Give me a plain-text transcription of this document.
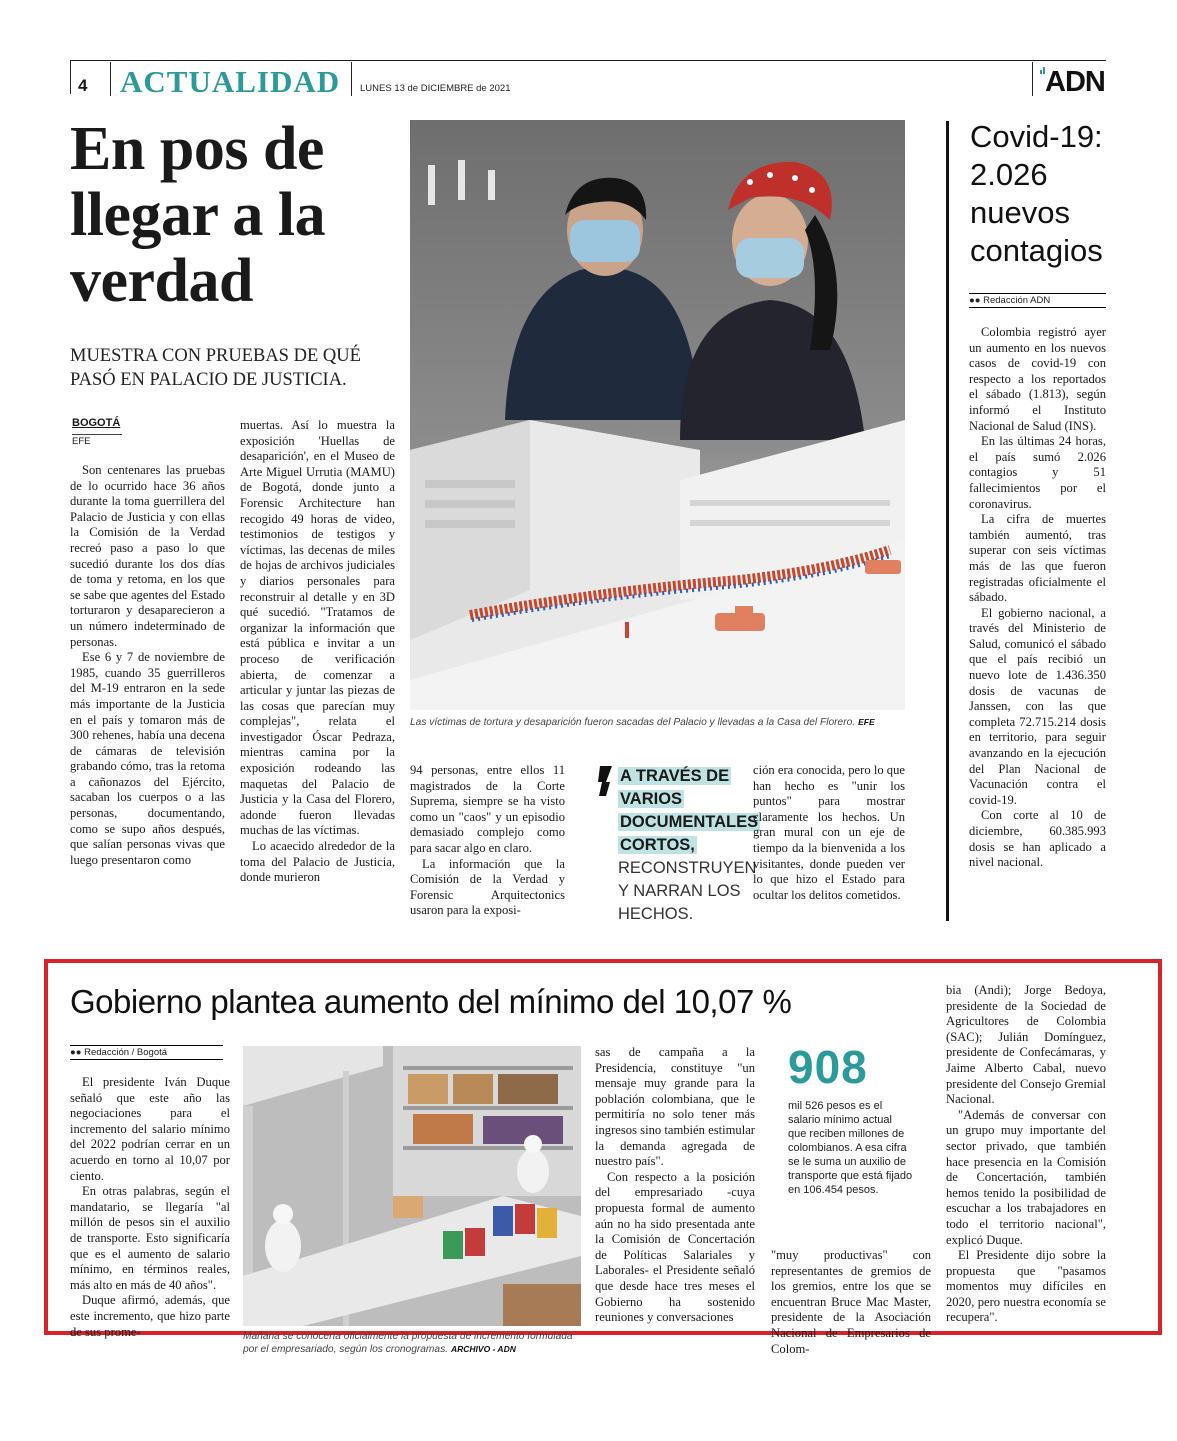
4 ACTUALIDAD LUNES 13 de DICIEMBRE de 2021	ADN
En pos de llegar a la verdad
MUESTRA CON PRUEBAS DE QUÉ PASÓ EN PALACIO DE JUSTICIA.
BOGOTÁ
EFE

Son centenares las pruebas de lo ocurrido hace 36 años durante la toma guerrillera del Palacio de Justicia y con ellas la Comisión de la Verdad recreó paso a paso lo que sucedió durante los dos días de toma y retoma, en los que se sabe que agentes del Estado torturaron y desaparecieron a un número indeterminado de personas.

Ese 6 y 7 de noviembre de 1985, cuando 35 guerrilleros del M-19 entraron en la sede más importante de la Justicia en el país y tomaron más de 300 rehenes, había una decena de cámaras de televisión grabando cómo, tras la retoma a cañonazos del Ejército, sacaban los cuerpos o a las personas, documentando, como se supo años después, que salían personas vivas que luego presentaron como

muertas. Así lo muestra la exposición 'Huellas de desaparición', en el Museo de Arte Miguel Urrutia (MAMU) de Bogotá, donde junto a Forensic Architecture han recogido 49 horas de video, testimonios de testigos y víctimas, las decenas de miles de hojas de archivos judiciales y diarios personales para reconstruir al detalle y en 3D qué sucedió. "Tratamos de organizar la información que está pública e invitar a un proceso de verificación abierta, de comenzar a articular y juntar las piezas de las cosas que parecían muy complejas", relata el investigador Óscar Pedraza, mientras camina por la exposición rodeando las maquetas del Palacio de Justicia y la Casa del Florero, adonde fueron llevadas muchas de las víctimas.

Lo acaecido alrededor de la toma del Palacio de Justicia, donde murieron

Las víctimas de tortura y desaparición fueron sacadas del Palacio y llevadas a la Casa del Florero. EFE

94 personas, entre ellos 11 magistrados de la Corte Suprema, siempre se ha visto como un "caos" y un episodio demasiado complejo como para sacar algo en claro.

La información que la Comisión de la Verdad y Forensic Arquitectonics usaron para la exposi-

A TRAVÉS DE VARIOS DOCUMENTALES CORTOS, RECONSTRUYEN Y NARRAN LOS HECHOS.

ción era conocida, pero lo que han hecho es "unir los puntos" para mostrar claramente los hechos. Un gran mural con un eje de tiempo da la bienvenida a los visitantes, donde pueden ver lo que hizo el Estado para ocultar los delitos cometidos.

Covid-19: 2.026 nuevos contagios
●● Redacción ADN

Colombia registró ayer un aumento en los nuevos casos de covid-19 con respecto a los reportados el sábado (1.813), según informó el Instituto Nacional de Salud (INS).

En las últimas 24 horas, el país sumó 2.026 contagios y 51 fallecimientos por el coronavirus.

La cifra de muertes también aumentó, tras superar con seis víctimas más de las que fueron registradas oficialmente el sábado.

El gobierno nacional, a través del Ministerio de Salud, comunicó el sábado que el país recibió un nuevo lote de 1.436.350 dosis de vacunas de Janssen, con las que completa 72.715.214 dosis en territorio, para seguir avanzando en la ejecución del Plan Nacional de Vacunación contra el covid-19.

Con corte al 10 de diciembre, 60.385.993 dosis se han aplicado a nivel nacional.

Gobierno plantea aumento del mínimo del 10,07 %
●● Redacción / Bogotá

El presidente Iván Duque señaló que este año las negociaciones para el incremento del salario mínimo del 2022 podrían cerrar en un acuerdo en torno al 10,07 por ciento.

En otras palabras, según el mandatario, se llegaría "al millón de pesos sin el auxilio de transporte. Esto significaría que es el aumento de salario mínimo, en términos reales, más alto en más de 40 años".

Duque afirmó, además, que este incremento, que hizo parte de sus prome-	Mañana se conocería oficialmente la propuesta de incremento formulada por el empresariado, según los cronogramas. ARCHIVO - ADN

sas de campaña a la Presidencia, constituye "un mensaje muy grande para la población colombiana, que le permitiría no solo tener más ingresos sino también estimular la demanda agregada de nuestro país".

Con respecto a la posición del empresariado -cuya propuesta formal de aumento aún no ha sido presentada ante la Comisión de Concertación de Políticas Salariales y Laborales- el Presidente señaló que desde hace tres meses el Gobierno ha sostenido reuniones y conversaciones

908
mil 526 pesos es el salario mínimo actual que reciben millones de colombianos. A esa cifra se le suma un auxilio de transporte que está fijado en 106.454 pesos.

"muy productivas" con representantes de gremios de los gremios, entre los que se encuentran Bruce Mac Master, presidente de la Asociación Nacional de Empresarios de Colom-

bia (Andi); Jorge Bedoya, presidente de la Sociedad de Agricultores de Colombia (SAC); Julián Domínguez, presidente de Confecámaras, y Jaime Alberto Cabal, nuevo presidente del Consejo Gremial Nacional.

"Además de conversar con un grupo muy importante del sector privado, que también hace presencia en la Comisión de Concertación, también hemos tenido la posibilidad de escuchar a los trabajadores en todo el territorio nacional", explicó Duque.

El Presidente dijo sobre la propuesta que "pasamos momentos muy difíciles en 2020, pero nuestra economía se recupera".
